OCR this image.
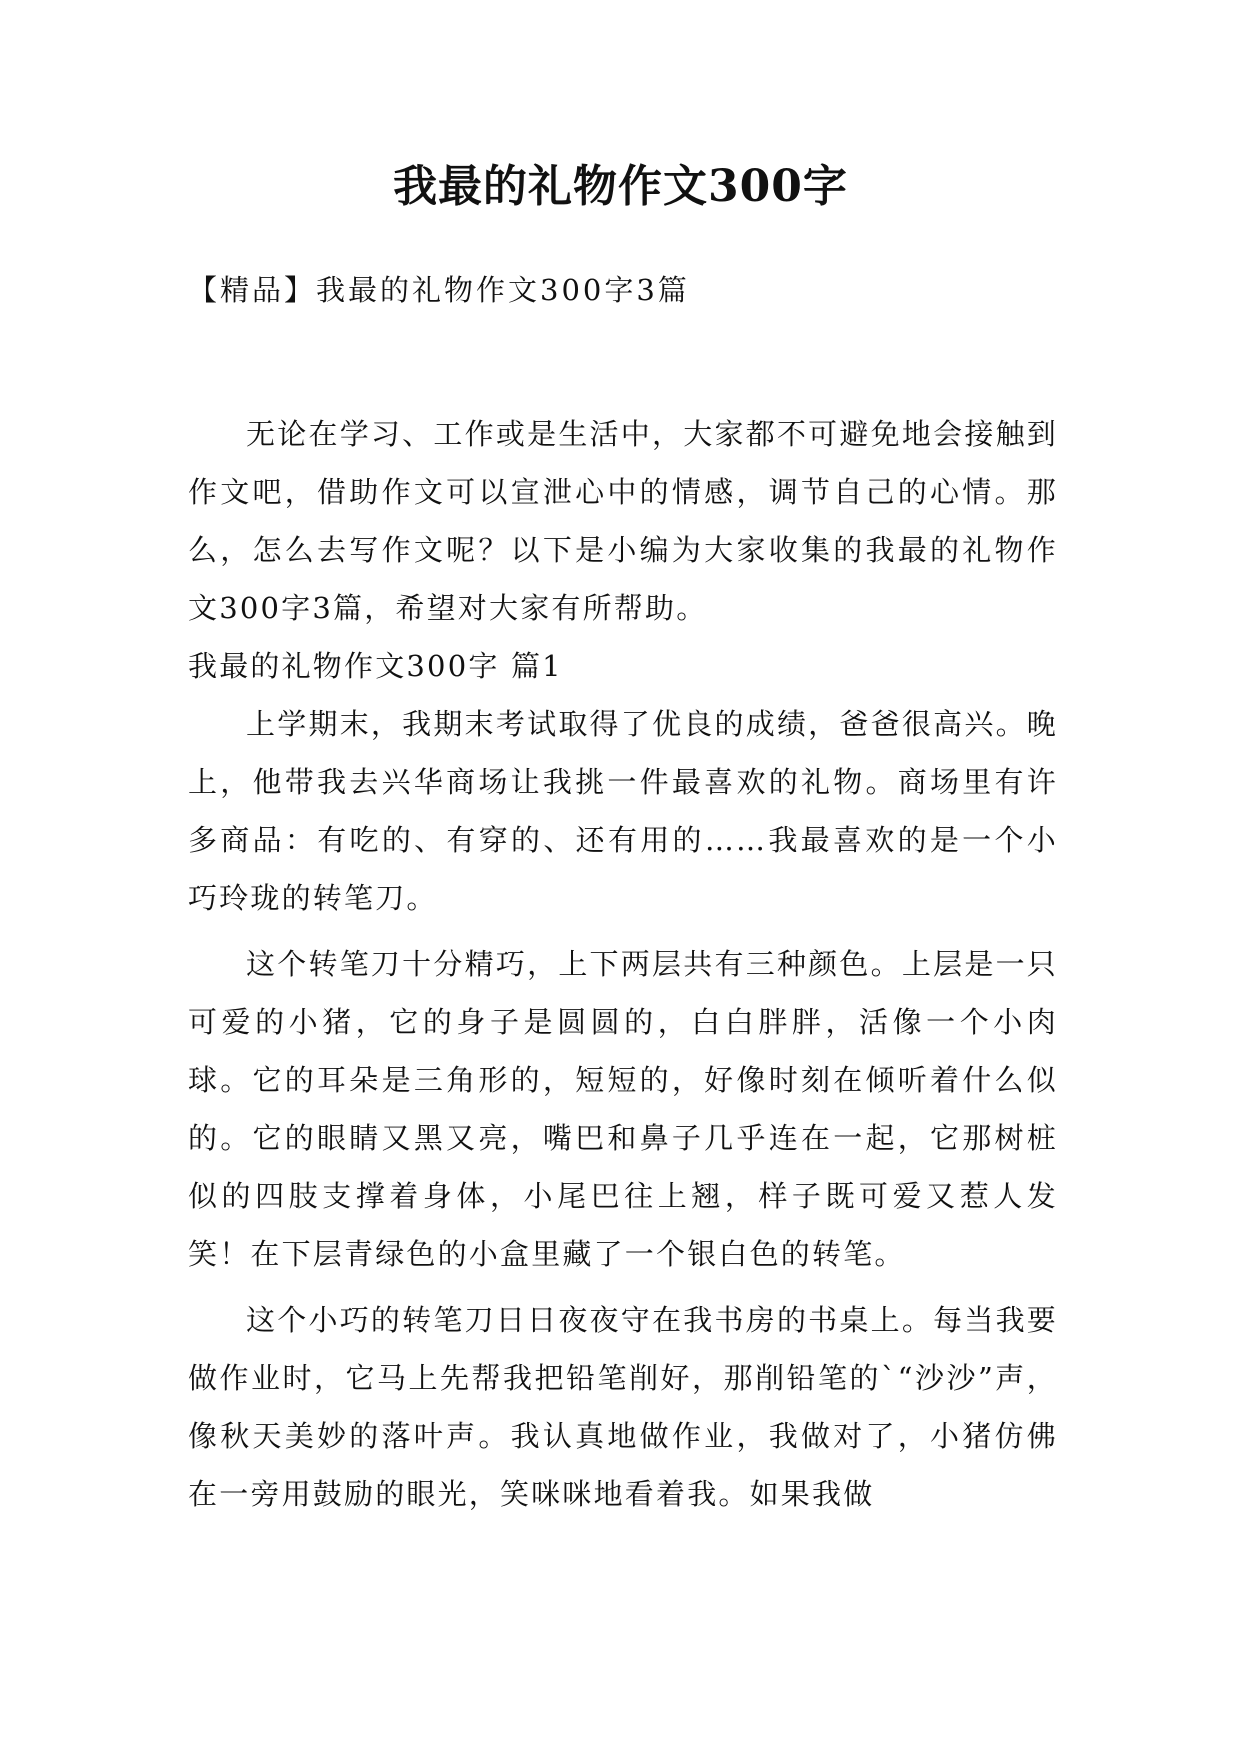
我最的礼物作文300字

【精品】我最的礼物作文300字3篇

无论在学习、工作或是生活中，大家都不可避免地会接触到作文吧，借助作文可以宣泄心中的情感，调节自己的心情。那么，怎么去写作文呢？以下是小编为大家收集的我最的礼物作文300字3篇，希望对大家有所帮助。

我最的礼物作文300字 篇1

上学期末，我期末考试取得了优良的成绩，爸爸很高兴。晚上，他带我去兴华商场让我挑一件最喜欢的礼物。商场里有许多商品：有吃的、有穿的、还有用的……我最喜欢的是一个小巧玲珑的转笔刀。

这个转笔刀十分精巧，上下两层共有三种颜色。上层是一只可爱的小猪，它的身子是圆圆的，白白胖胖，活像一个小肉球。它的耳朵是三角形的，短短的，好像时刻在倾听着什么似的。它的眼睛又黑又亮，嘴巴和鼻子几乎连在一起，它那树桩似的四肢支撑着身体，小尾巴往上翘，样子既可爱又惹人发笑！在下层青绿色的小盒里藏了一个银白色的转笔。

这个小巧的转笔刀日日夜夜守在我书房的书桌上。每当我要做作业时，它马上先帮我把铅笔削好，那削铅笔的`“沙沙”声，像秋天美妙的落叶声。我认真地做作业，我做对了，小猪仿佛在一旁用鼓励的眼光，笑咪咪地看着我。如果我做
